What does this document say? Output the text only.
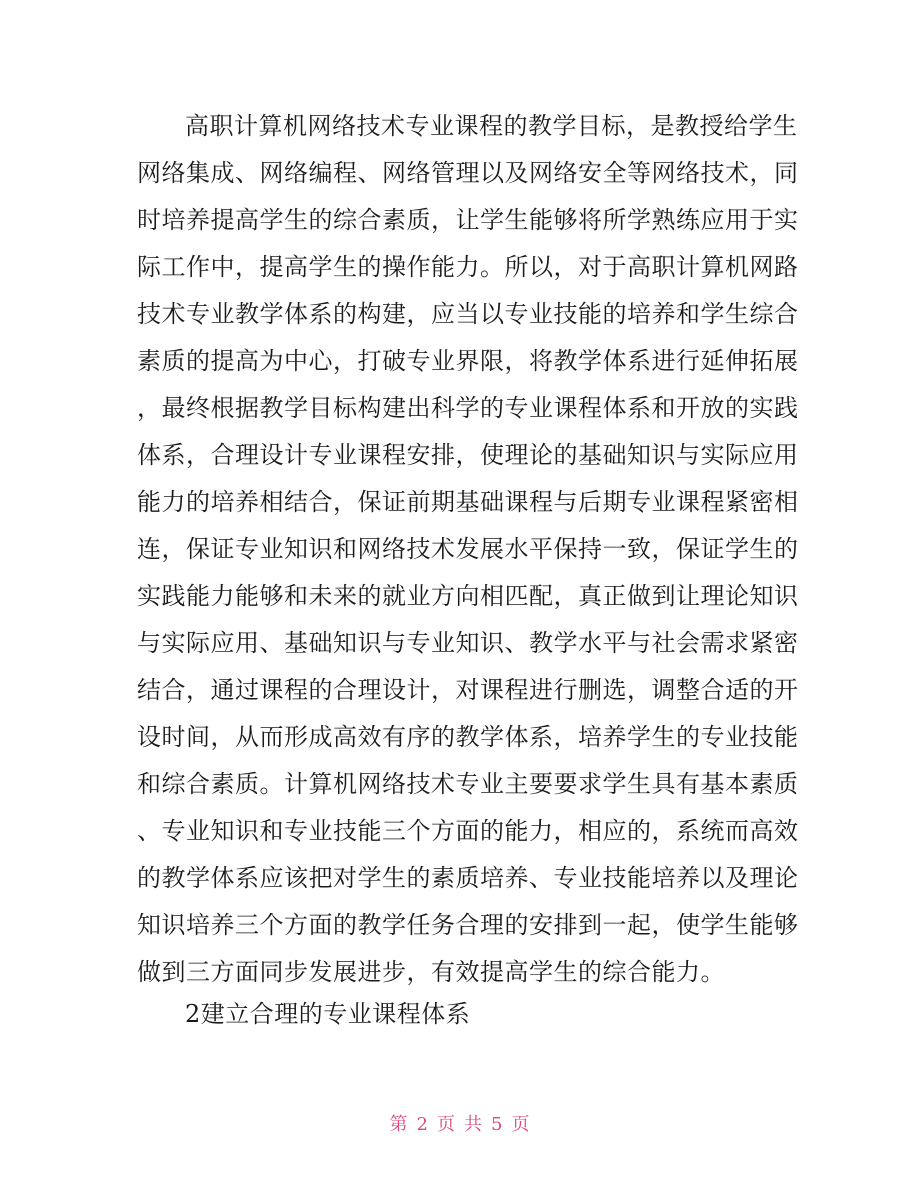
高职计算机网络技术专业课程的教学目标，是教授给学生
网络集成、网络编程、网络管理以及网络安全等网络技术，同
时培养提高学生的综合素质，让学生能够将所学熟练应用于实
际工作中，提高学生的操作能力。所以，对于高职计算机网路
技术专业教学体系的构建，应当以专业技能的培养和学生综合
素质的提高为中心，打破专业界限，将教学体系进行延伸拓展
，最终根据教学目标构建出科学的专业课程体系和开放的实践
体系，合理设计专业课程安排，使理论的基础知识与实际应用
能力的培养相结合，保证前期基础课程与后期专业课程紧密相
连，保证专业知识和网络技术发展水平保持一致，保证学生的
实践能力能够和未来的就业方向相匹配，真正做到让理论知识
与实际应用、基础知识与专业知识、教学水平与社会需求紧密
结合，通过课程的合理设计，对课程进行删选，调整合适的开
设时间，从而形成高效有序的教学体系，培养学生的专业技能
和综合素质。计算机网络技术专业主要要求学生具有基本素质
、专业知识和专业技能三个方面的能力，相应的，系统而高效
的教学体系应该把对学生的素质培养、专业技能培养以及理论
知识培养三个方面的教学任务合理的安排到一起，使学生能够
做到三方面同步发展进步，有效提高学生的综合能力。
2建立合理的专业课程体系
第 2 页 共 5 页
